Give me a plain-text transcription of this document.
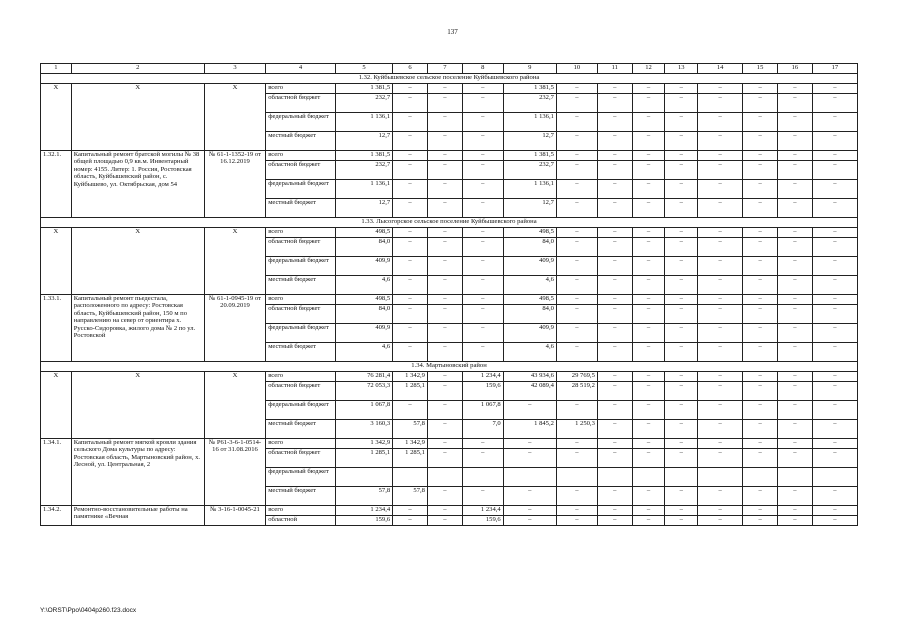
137
1	2	3	4	5	6	7	8	9	10	11	12	13	14	15	16	17
1.32. Куйбышевское сельское поселение Куйбышевского района																
X	X	X	всего	1 381,5	–	–	–	1 381,5	–	–	–	–	–	–	–	–
			областной бюджет	232,7	–	–	–	232,7	–	–	–	–	–	–	–	–
			федеральный бюджет	1 136,1	–	–	–	1 136,1	–	–	–	–	–	–	–	–
			местный бюджет	12,7	–	–	–	12,7	–	–	–	–	–	–	–	–
1.32.1.	Капитальный ремонт братской могилы № 38 общей площадью 0,9 кв.м. Инвентарный номер: 4155. Литер: 1. Россия, Ростовская область, Куйбышевский район, с. Куйбышево, ул. Октябрьская, дом 54	№ 61-1-1352-19 от 16.12.2019	всего	1 381,5	–	–	–	1 381,5	–	–	–	–	–	–	–	–
			областной бюджет	232,7	–	–	–	232,7	–	–	–	–	–	–	–	–
			федеральный бюджет	1 136,1	–	–	–	1 136,1	–	–	–	–	–	–	–	–
			местный бюджет	12,7	–	–	–	12,7	–	–	–	–	–	–	–	–
1.33. Лысогорское сельское поселение Куйбышевского района																
X	X	X	всего	498,5	–	–	–	498,5	–	–	–	–	–	–	–	–
			областной бюджет	84,0	–	–	–	84,0	–	–	–	–	–	–	–	–
			федеральный бюджет	409,9	–	–	–	409,9	–	–	–	–	–	–	–	–
			местный бюджет	4,6	–	–	–	4,6	–	–	–	–	–	–	–	–
1.33.1.	Капитальный ремонт пьедестала, расположенного по адресу: Ростовская область, Куйбышевский район, 150 м по направлению на север от ориентира х. Русско-Сидоровка, жилого дома № 2 по ул. Ростовской	№ 61-1-0945-19 от 20.09.2019	всего	498,5	–	–	–	498,5	–	–	–	–	–	–	–	–
			областной бюджет	84,0	–	–	–	84,0	–	–	–	–	–	–	–	–
			федеральный бюджет	409,9	–	–	–	409,9	–	–	–	–	–	–	–	–
			местный бюджет	4,6	–	–	–	4,6	–	–	–	–	–	–	–	–
1.34. Мартыновский район																
X	X	X	всего	76 281,4	1 342,9	–	1 234,4	43 934,6	29 769,5	–	–	–	–	–	–	–
			областной бюджет	72 053,3	1 285,1	–	159,6	42 089,4	28 519,2	–	–	–	–	–	–	–
			федеральный бюджет	1 067,8	–	–	1 067,8	–	–	–	–	–	–	–	–	–
			местный бюджет	3 160,3	57,8	–	7,0	1 845,2	1 250,3	–	–	–	–	–	–	–
1.34.1.	Капитальный ремонт мягкой кровли здания сельского Дома культуры по адресу: Ростовская область, Мартыновский район, х. Лесной, ул. Центральная, 2	№ Р61-3-6-1-0514-16 от 31.08.2016	всего	1 342,9	1 342,9	–	–	–	–	–	–	–	–	–	–	–
			областной бюджет	1 285,1	1 285,1	–	–	–	–	–	–	–	–	–	–	–
			федеральный бюджет													
			местный бюджет	57,8	57,8	–	–	–	–	–	–	–	–	–	–	–
1.34.2.	Ремонтно-восстановительные работы на памятнике «Вечная	№ 3-16-1-0045-21	всего	1 234,4	–	–	1 234,4	–	–	–	–	–	–	–	–	–
			областной	159,6	–	–	159,6	–	–	–	–	–	–	–	–	–
Y:\ORST\Ppo\0404p260.f23.docx
